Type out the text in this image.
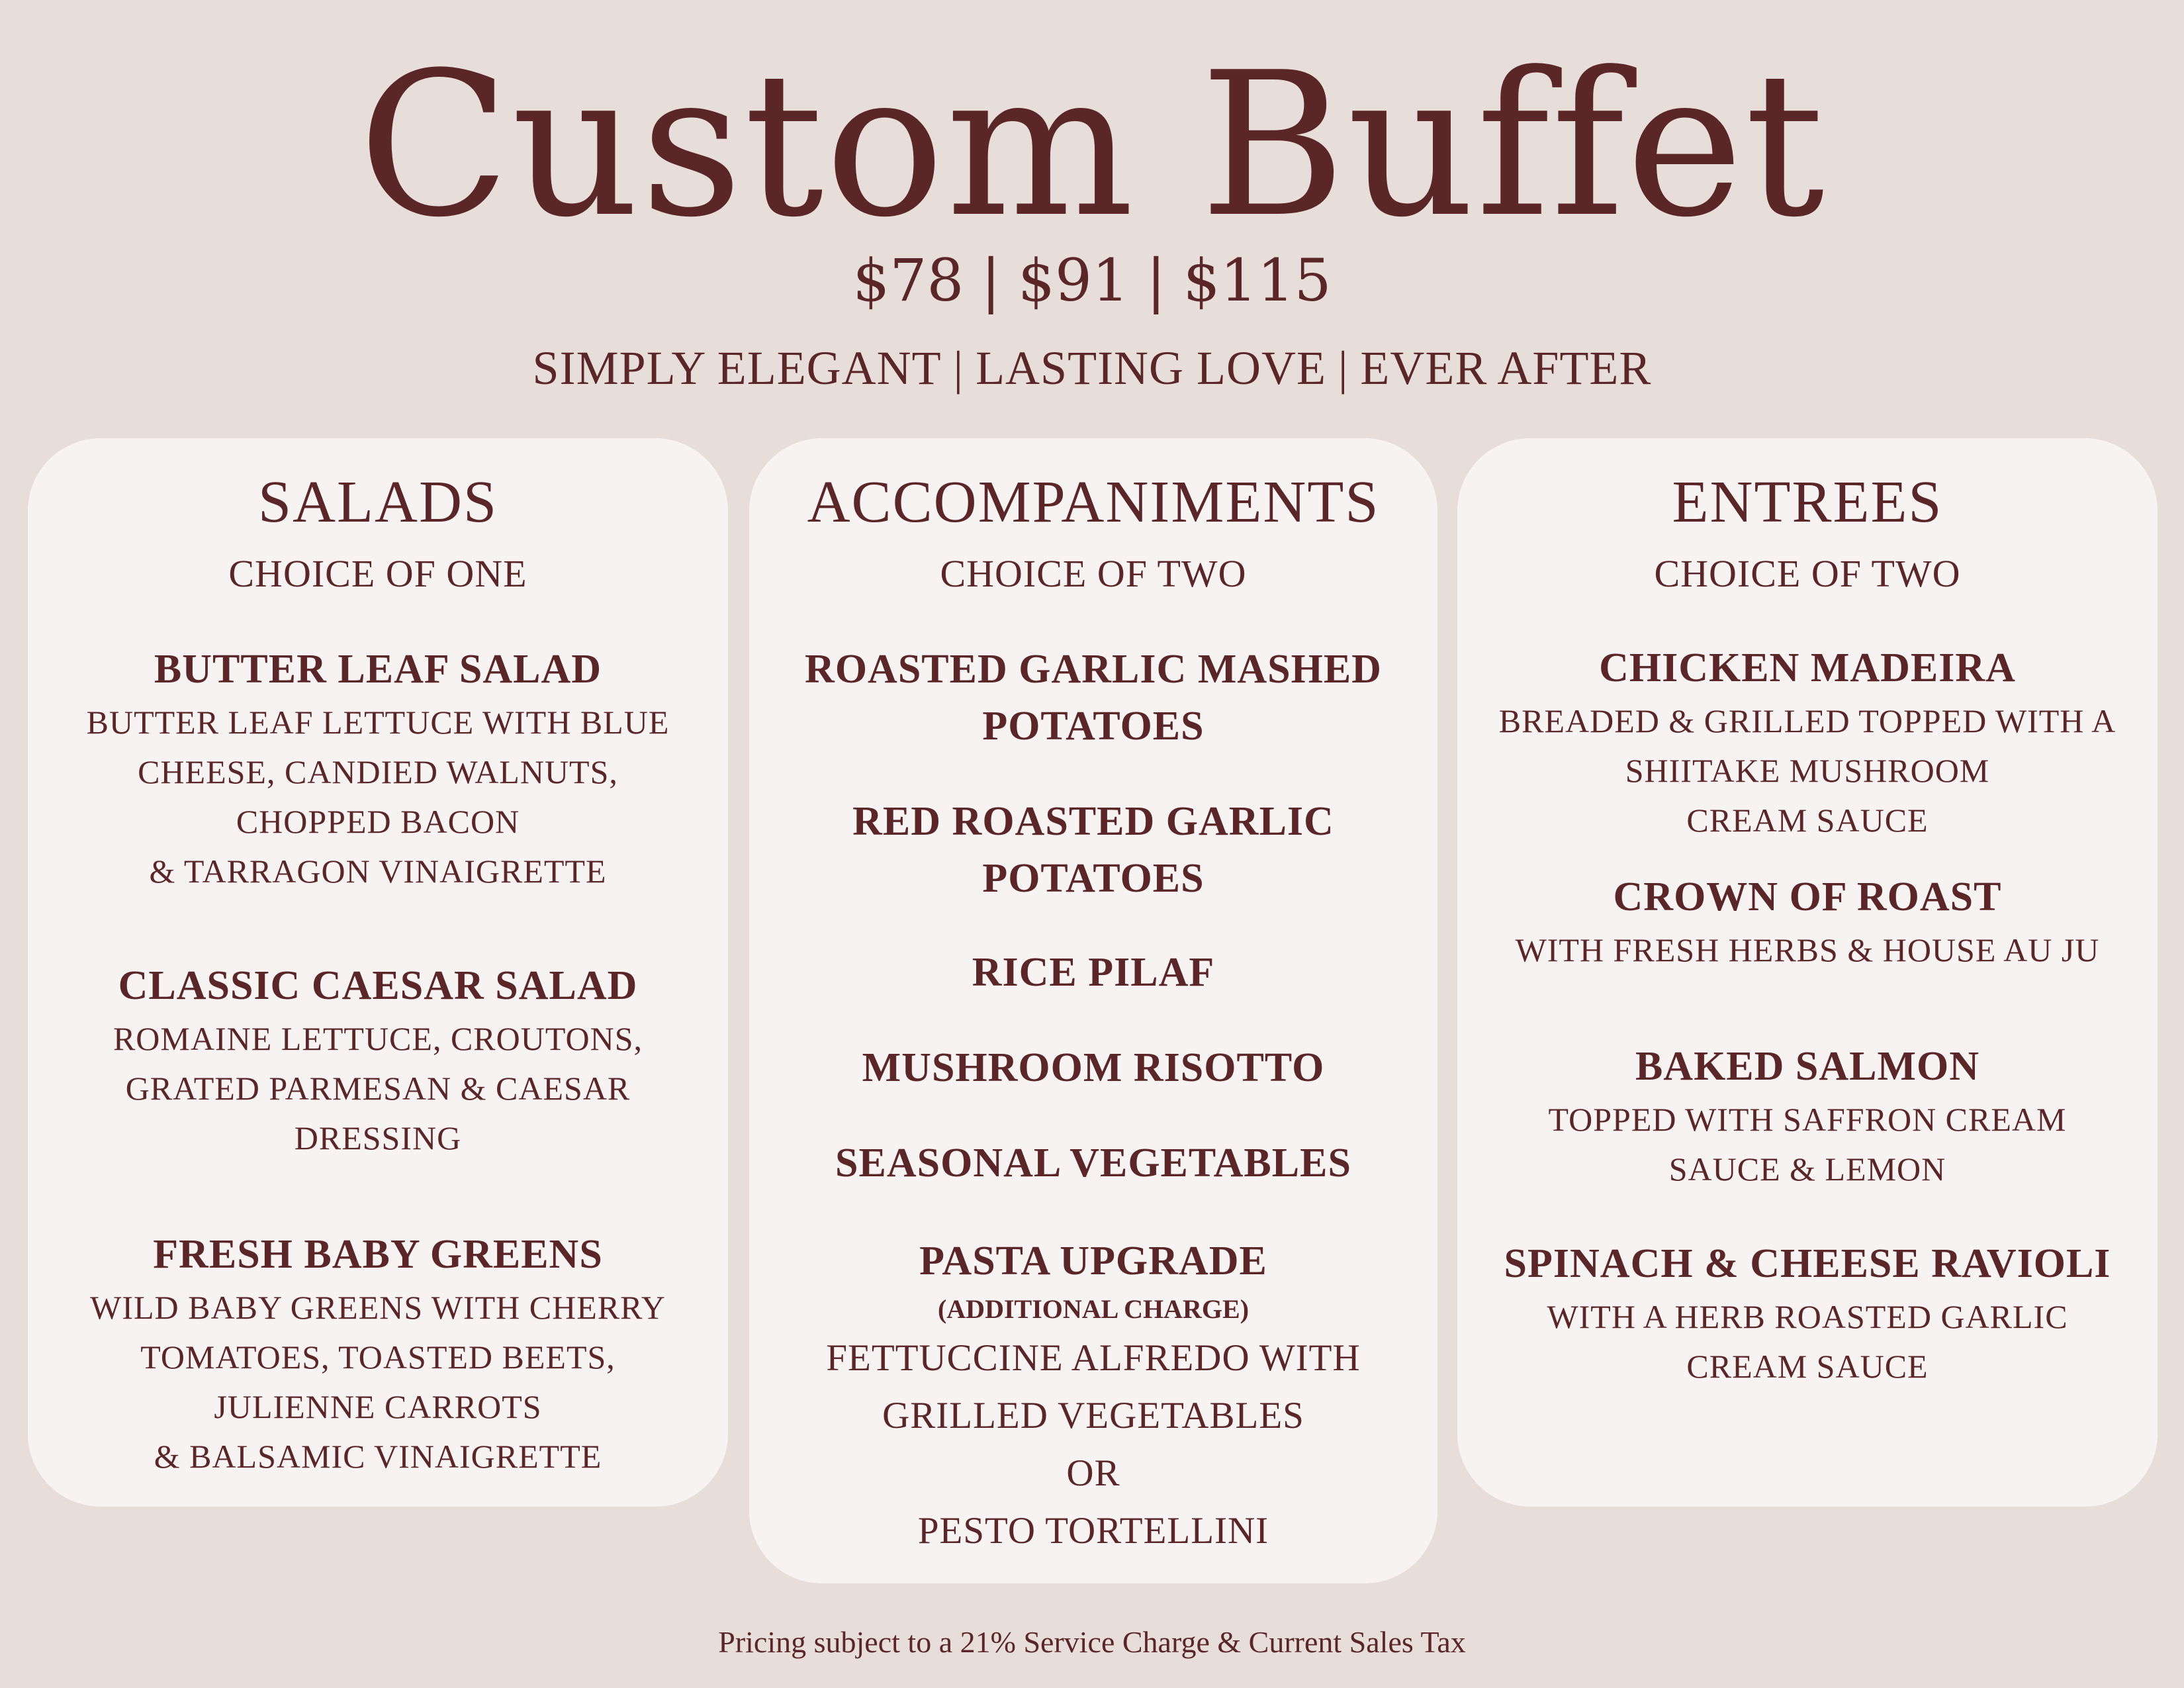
Custom Buffet
$78 | $91 | $115
SIMPLY ELEGANT | LASTING LOVE | EVER AFTER
SALADS
CHOICE OF ONE
BUTTER LEAF SALAD
BUTTER LEAF LETTUCE WITH BLUE
CHEESE, CANDIED WALNUTS,
CHOPPED BACON
& TARRAGON VINAIGRETTE
CLASSIC CAESAR SALAD
ROMAINE LETTUCE, CROUTONS,
GRATED PARMESAN & CAESAR
DRESSING
FRESH BABY GREENS
WILD BABY GREENS WITH CHERRY
TOMATOES, TOASTED BEETS,
JULIENNE CARROTS
& BALSAMIC VINAIGRETTE
ACCOMPANIMENTS
CHOICE OF TWO
ROASTED GARLIC MASHED
POTATOES
RED ROASTED GARLIC
POTATOES
RICE PILAF
MUSHROOM RISOTTO
SEASONAL VEGETABLES
PASTA UPGRADE
(ADDITIONAL CHARGE)
FETTUCCINE ALFREDO WITH
GRILLED VEGETABLES
OR
PESTO TORTELLINI
ENTREES
CHOICE OF TWO
CHICKEN MADEIRA
BREADED & GRILLED TOPPED WITH A
SHIITAKE MUSHROOM
CREAM SAUCE
CROWN OF ROAST
WITH FRESH HERBS & HOUSE AU JU
BAKED SALMON
TOPPED WITH SAFFRON CREAM
SAUCE & LEMON
SPINACH & CHEESE RAVIOLI
WITH A HERB ROASTED GARLIC
CREAM SAUCE
Pricing subject to a 21% Service Charge & Current Sales Tax
